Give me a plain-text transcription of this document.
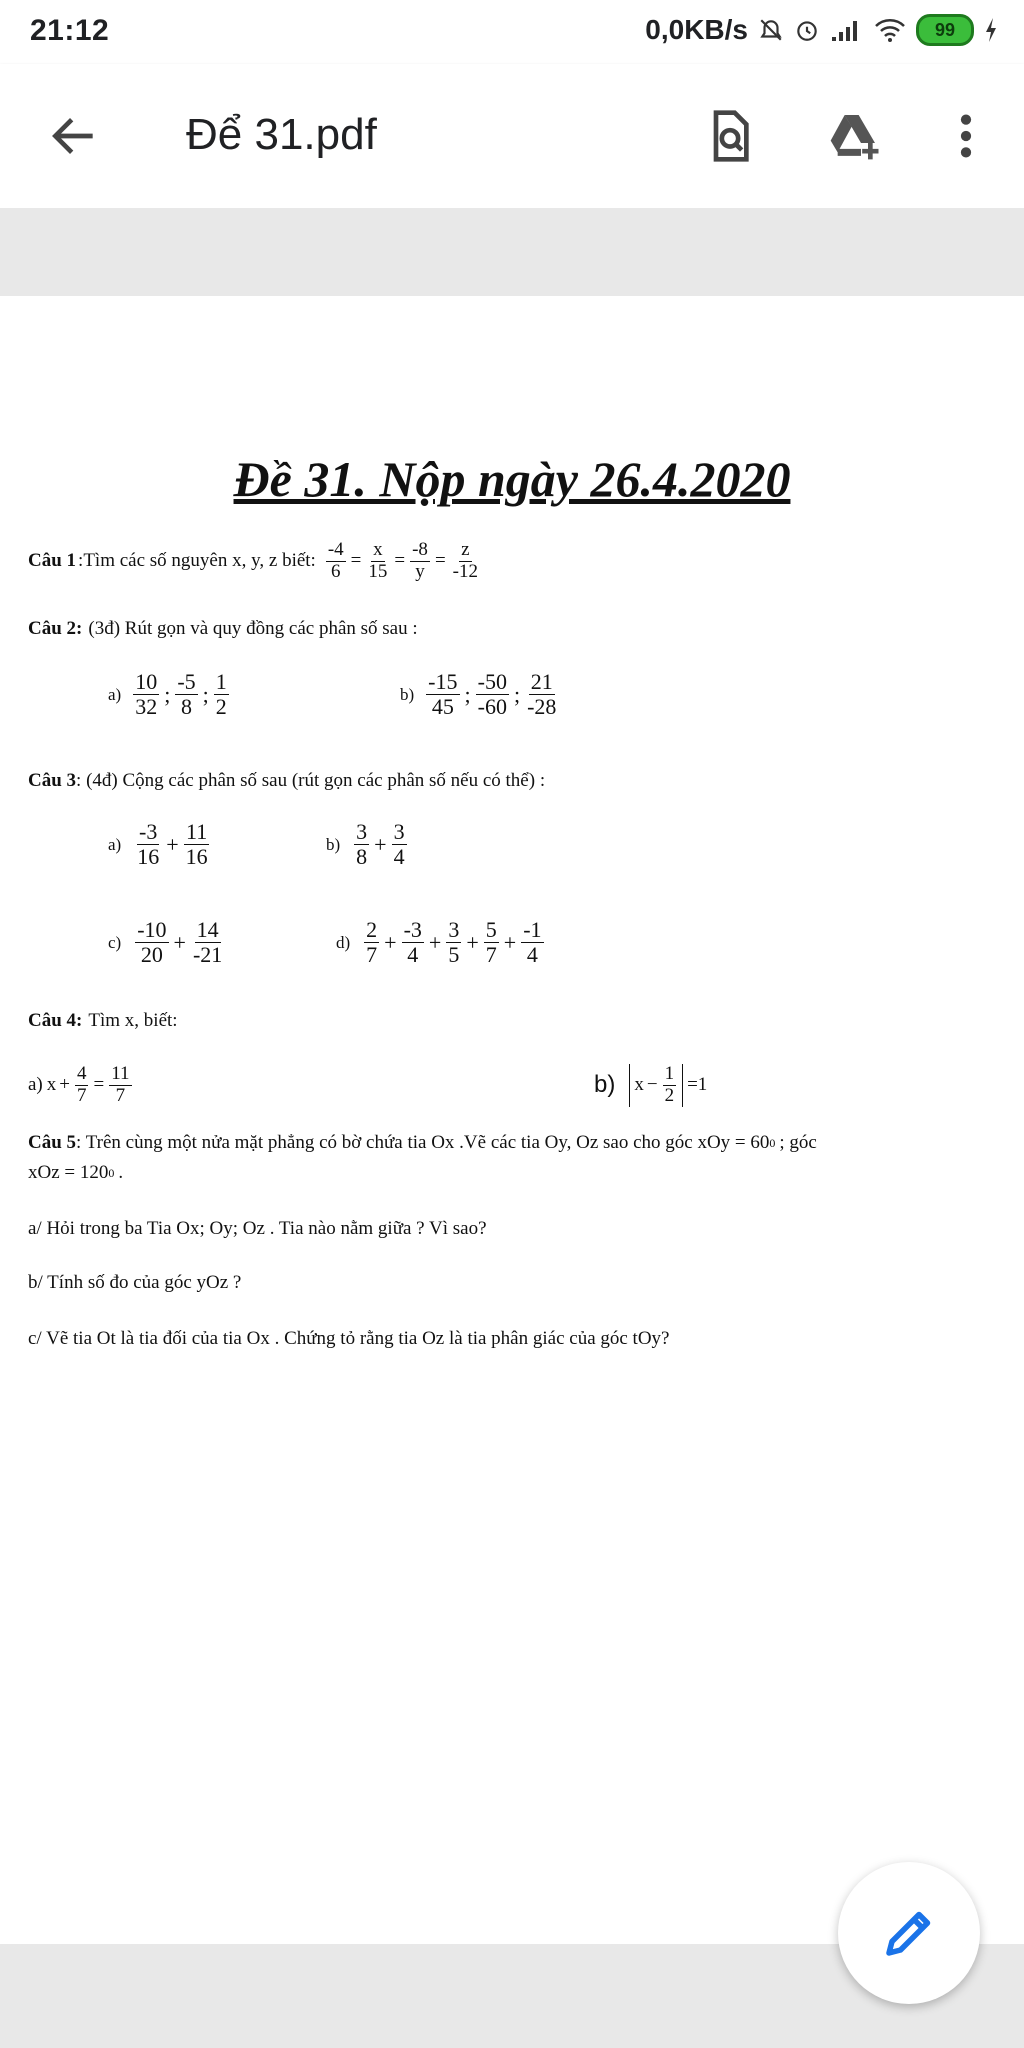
21:12	0,0KB/s	99
Để 31.pdf
Đề 31. Nộp ngày 26.4.2020
Câu 1 :Tìm các số nguyên x, y, z biết: $\frac{-4}{6} = \frac{x}{15} = \frac{-8}{y} = \frac{z}{-12}$
Câu 2: (3đ) Rút gọn và quy đồng các phân số sau :
$a) \frac{10}{32}$ ; $\frac{-5}{8}$ ; $\frac{1}{2}$	$b) \frac{-15}{45}$ ; $\frac{-50}{-60}$ ; $\frac{21}{-28}$
Câu 3 : (4đ) Cộng các phân số sau (rút gọn các phân số nếu có thể) :
$a) \frac{-3}{16} + \frac{11}{16}$	$b) \frac{3}{8} + \frac{3}{4}$
$c) \frac{-10}{20} + \frac{14}{-21}$	$d) \frac{2}{7} + \frac{-3}{4} + \frac{3}{5} + \frac{5}{7} + \frac{-1}{4}$
Câu 4: Tìm x, biết:
a) $x + \frac{4}{7} = \frac{11}{7}$	b) $x - \frac{1}{2} = 1$
Câu 5 : Trên cùng một nửa mặt phẳng có bờ chứa tia Ox .Vẽ các tia Oy, Oz sao cho góc xOy = 60 0 ; góc
xOz = 120 0 .
a/ Hỏi trong ba Tia Ox; Oy; Oz . Tia nào nằm giữa ? Vì sao?
b/ Tính số đo của góc yOz ?
c/ Vẽ tia Ot là tia đối của tia Ox . Chứng tỏ rằng tia Oz là tia phân giác của góc tOy?
